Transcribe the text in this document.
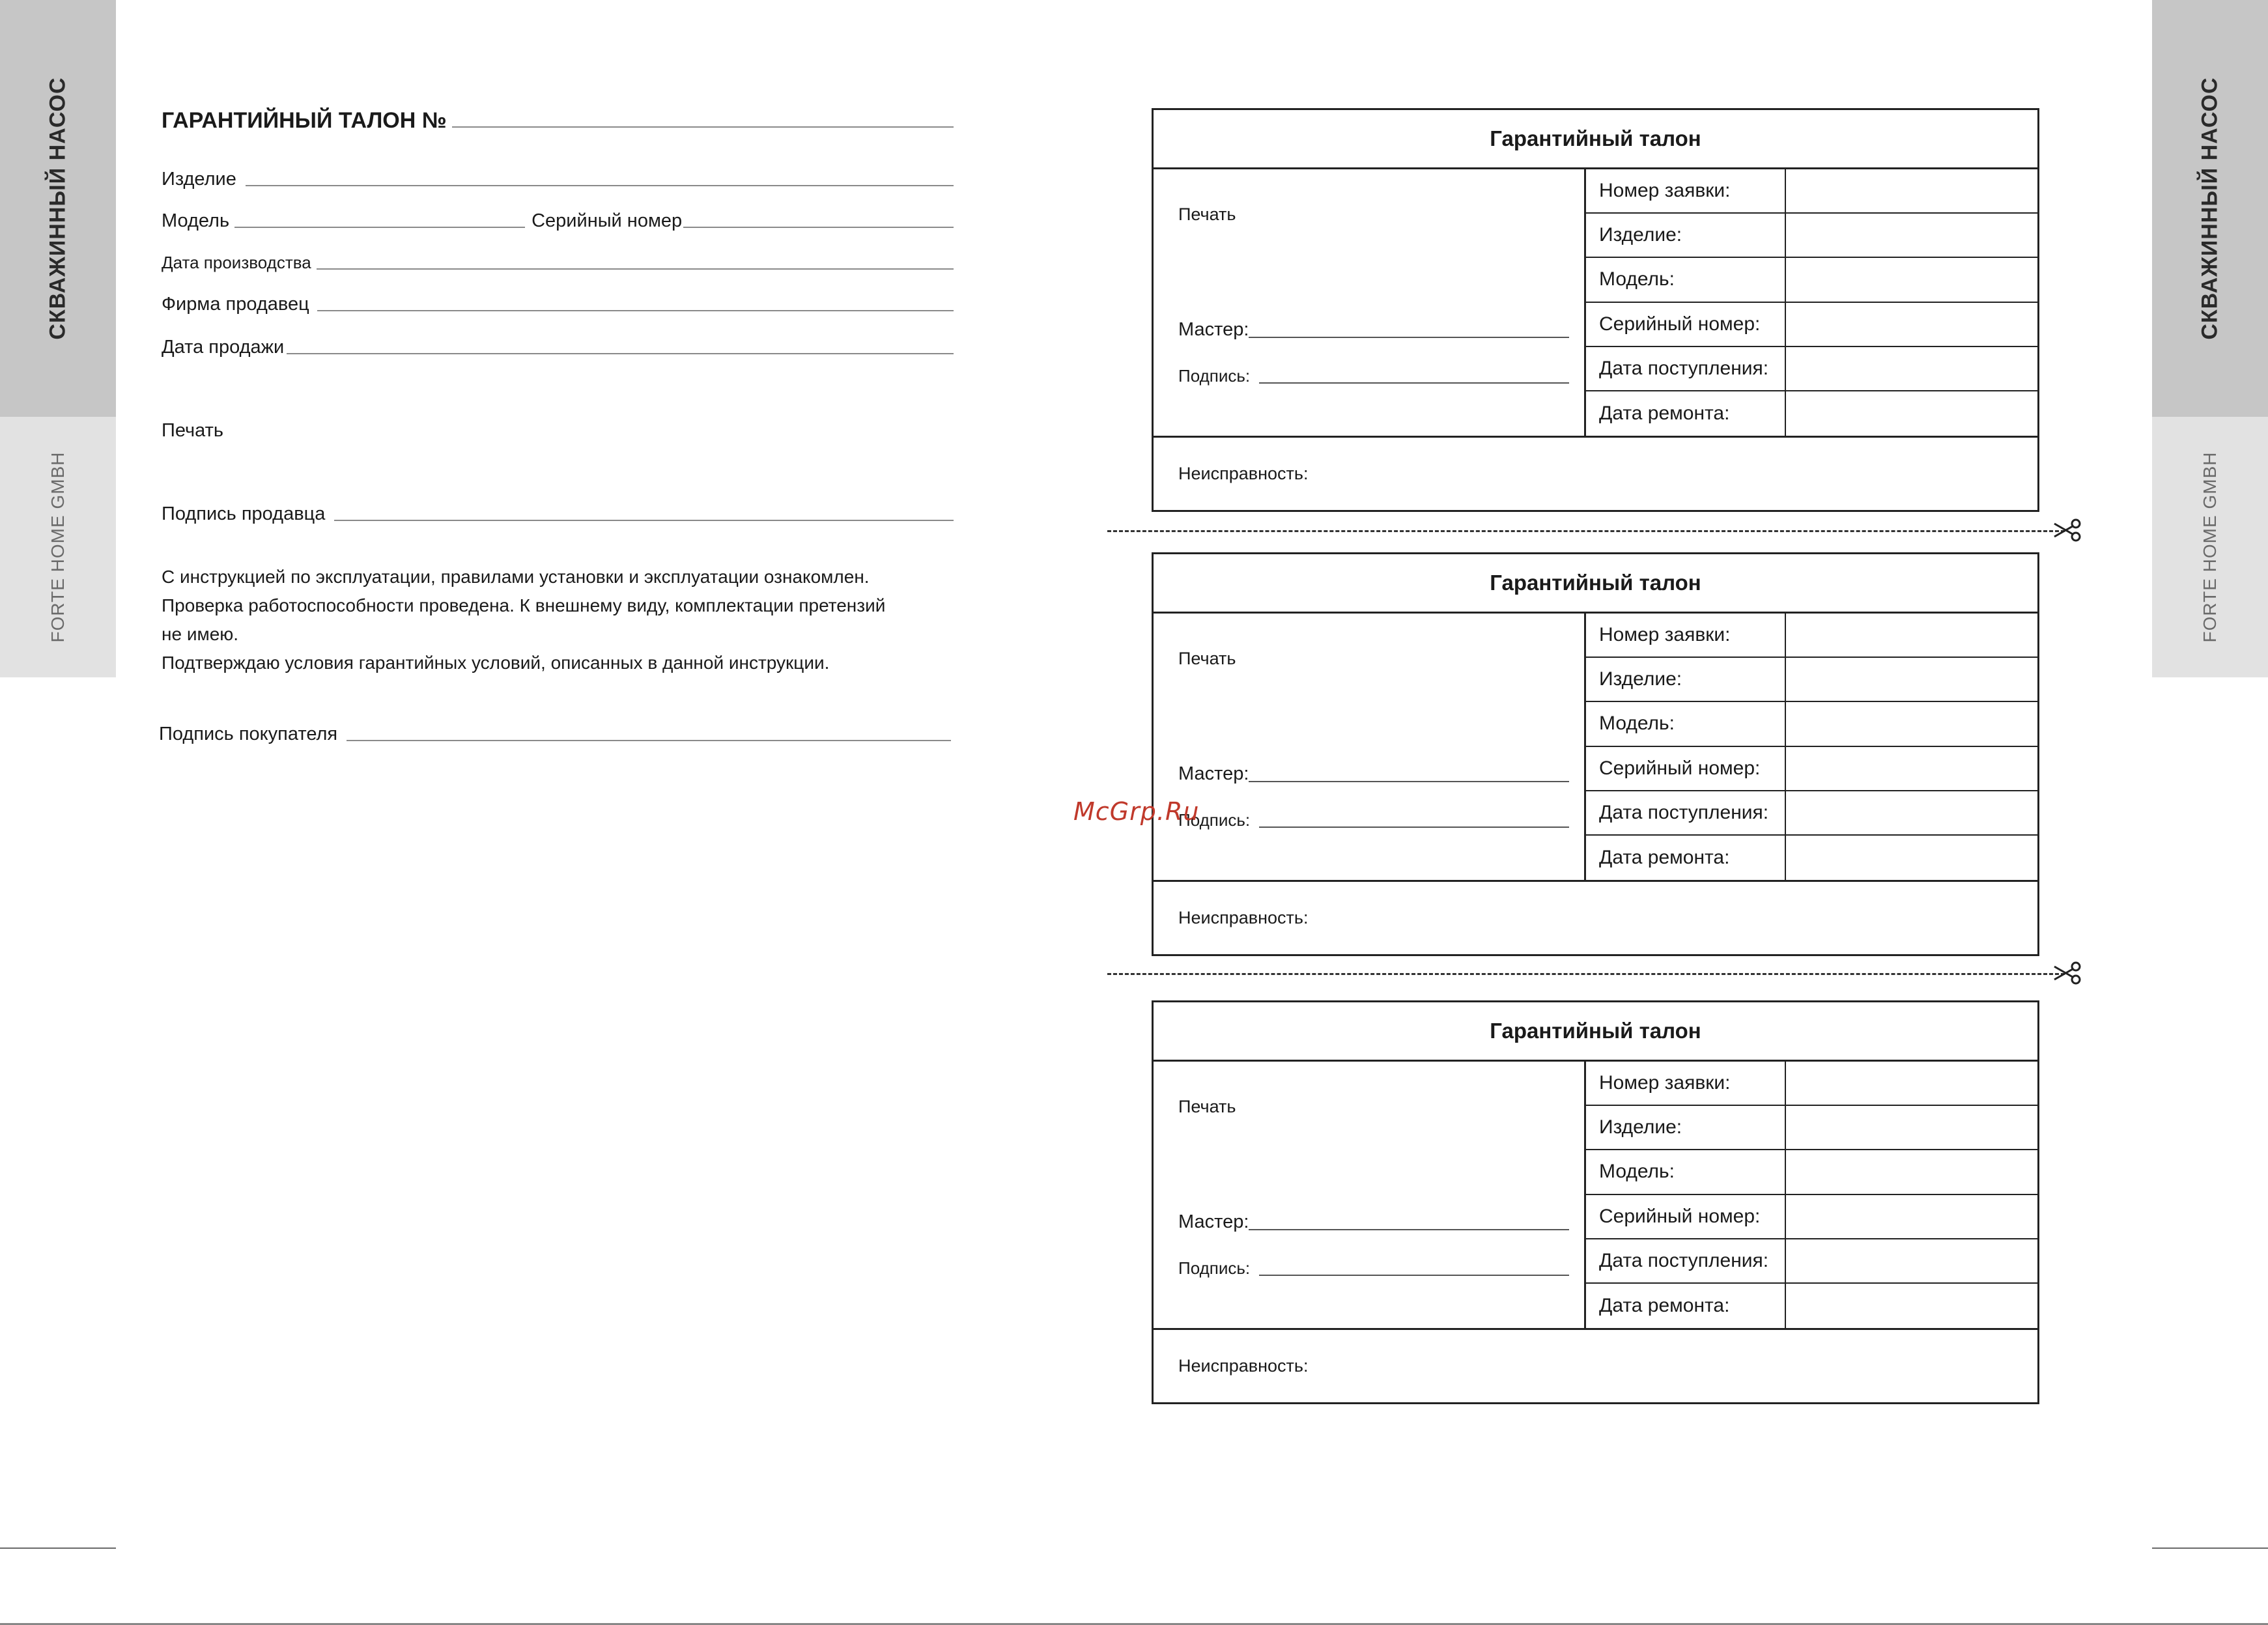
СКВАЖИННЫЙ НАСОС
FORTE HOME GMBH
СКВАЖИННЫЙ НАСОС
FORTE HOME GMBH
ГАРАНТИЙНЫЙ ТАЛОН №
Изделие
Модель	Серийный номер
Дата производства
Фирма продавец
Дата продажи
Печать
Подпись продавца
С инструкцией по эксплуатации, правилами установки и эксплуатации ознакомлен.
Проверка работоспособности проведена. К внешнему виду, комплектации претензий
не имею.
Подтверждаю условия гарантийных условий, описанных в данной инструкции.
Подпись покупателя
Гарантийный талон
Печать
Мастер:
Подпись:
Номер заявки:
Изделие:
Модель:
Серийный номер:
Дата поступления:
Дата ремонта:
Неисправность:
Гарантийный талон
Печать
Мастер:
Подпись:
Номер заявки:
Изделие:
Модель:
Серийный номер:
Дата поступления:
Дата ремонта:
Неисправность:
Гарантийный талон
Печать
Мастер:
Подпись:
Номер заявки:
Изделие:
Модель:
Серийный номер:
Дата поступления:
Дата ремонта:
Неисправность:
McGrp.Ru
